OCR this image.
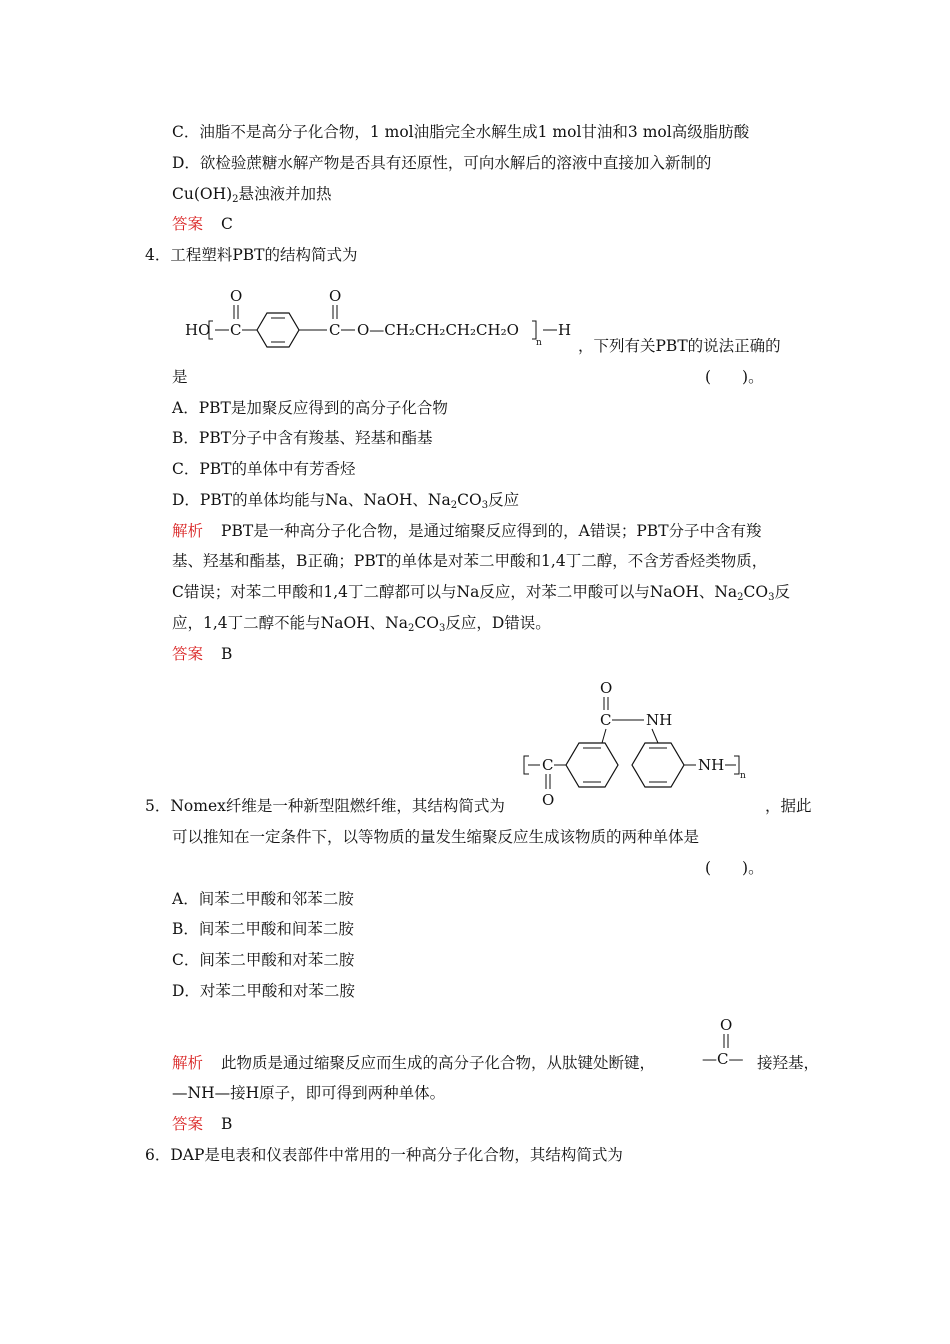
C．油脂不是高分子化合物，1 mol油脂完全水解生成1 mol甘油和3 mol高级脂肪酸
D．欲检验蔗糖水解产物是否具有还原性，可向水解后的溶液中直接加入新制的
$Cu(OH)_2$悬浊液并加热
答案 C
4．工程塑料PBT的结构简式为
O
HO C
O
C O—CH₂CH₂CH₂CH₂O
n
H
，下列有关PBT的说法正确的
是	(　　)。
A．PBT是加聚反应得到的高分子化合物
B．PBT分子中含有羧基、羟基和酯基
C．PBT的单体中有芳香烃
D．PBT的单体均能与Na、NaOH、$Na_2CO_3$反应
解析 PBT是一种高分子化合物，是通过缩聚反应得到的，A错误；PBT分子中含有羧
基、羟基和酯基，B正确；PBT的单体是对苯二甲酸和1,4丁二醇，不含芳香烃类物质，
C错误；对苯二甲酸和1,4丁二醇都可以与Na反应，对苯二甲酸可以与NaOH、$Na_2CO_3$反
应，1,4丁二醇不能与NaOH、$Na_2CO_3$反应，D错误。
答案 B
O
C NH
C
O
NH
n
5．Nomex纤维是一种新型阻燃纤维，其结构简式为	，据此
可以推知在一定条件下，以等物质的量发生缩聚反应生成该物质的两种单体是
(　　)。
A．间苯二甲酸和邻苯二胺
B．间苯二甲酸和间苯二胺
C．间苯二甲酸和对苯二胺
D．对苯二甲酸和对苯二胺
解析 此物质是通过缩聚反应而生成的高分子化合物，从肽键处断键，
O
—C— 接羟基，
—NH—接H原子，即可得到两种单体。
答案 B
6．DAP是电表和仪表部件中常用的一种高分子化合物，其结构简式为
